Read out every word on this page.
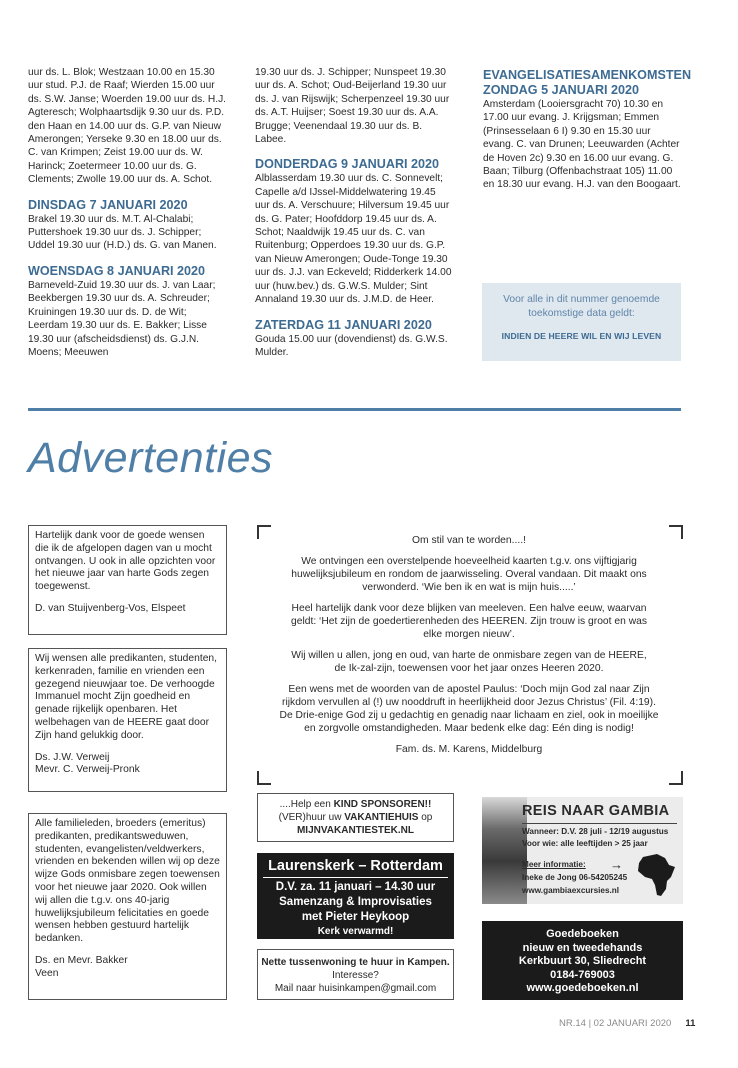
uur ds. L. Blok; Westzaan 10.00 en 15.30 uur stud. P.J. de Raaf; Wierden 15.00 uur ds. S.W. Janse; Woerden 19.00 uur ds. H.J. Agteresch; Wolphaartsdijk 9.30 uur ds. P.D. den Haan en 14.00 uur ds. G.P. van Nieuw Amerongen; Yerseke 9.30 en 18.00 uur ds. C. van Krimpen; Zeist 19.00 uur ds. W. Harinck; Zoetermeer 10.00 uur ds. G. Clements; Zwolle 19.00 uur ds. A. Schot.

DINSDAG 7 JANUARI 2020

Brakel 19.30 uur ds. M.T. Al-Chalabi; Puttershoek 19.30 uur ds. J. Schipper; Uddel 19.30 uur (H.D.) ds. G. van Manen.

WOENSDAG 8 JANUARI 2020

Barneveld-Zuid 19.30 uur ds. J. van Laar; Beekbergen 19.30 uur ds. A. Schreuder; Kruiningen 19.30 uur ds. D. de Wit; Leerdam 19.30 uur ds. E. Bakker; Lisse 19.30 uur (afscheidsdienst) ds. G.J.N. Moens; Meeuwen

19.30 uur ds. J. Schipper; Nunspeet 19.30 uur ds. A. Schot; Oud-Beijerland 19.30 uur ds. J. van Rijswijk; Scherpenzeel 19.30 uur ds. A.T. Huijser; Soest 19.30 uur ds. A.A. Brugge; Veenendaal 19.30 uur ds. B. Labee.

DONDERDAG 9 JANUARI 2020

Alblasserdam 19.30 uur ds. C. Sonnevelt; Capelle a/d IJssel-Middelwatering 19.45 uur ds. A. Verschuure; Hilversum 19.45 uur ds. G. Pater; Hoofddorp 19.45 uur ds. A. Schot; Naaldwijk 19.45 uur ds. C. van Ruitenburg; Opperdoes 19.30 uur ds. G.P. van Nieuw Amerongen; Oude-Tonge 19.30 uur ds. J.J. van Eckeveld; Ridderkerk 14.00 uur (huw.bev.) ds. G.W.S. Mulder; Sint Annaland 19.30 uur ds. J.M.D. de Heer.

ZATERDAG 11 JANUARI 2020

Gouda 15.00 uur (dovendienst) ds. G.W.S. Mulder.

EVANGELISATIESAMENKOMSTEN ZONDAG 5 JANUARI 2020

Amsterdam (Looiersgracht 70) 10.30 en 17.00 uur evang. J. Krijgsman; Emmen (Prinsesselaan 6 I) 9.30 en 15.30 uur evang. C. van Drunen; Leeuwarden (Achter de Hoven 2c) 9.30 en 16.00 uur evang. G. Baan; Tilburg (Offenbachstraat 105) 11.00 en 18.30 uur evang. H.J. van den Boogaart.

Voor alle in dit nummer genoemde toekomstige data geldt:
INDIEN DE HEERE WIL EN WIJ LEVEN
Advertenties

Hartelijk dank voor de goede wensen die ik de afgelopen dagen van u mocht ontvangen. U ook in alle opzichten voor het nieuwe jaar van harte Gods zegen toegewenst.

D. van Stuijvenberg-Vos, Elspeet

Wij wensen alle predikanten, studenten, kerkenraden, familie en vrienden een gezegend nieuwjaar toe. De verhoogde Immanuel mocht Zijn goedheid en genade rijkelijk openbaren. Het welbehagen van de HEERE gaat door Zijn hand gelukkig door.

Ds. J.W. Verweij

Mevr. C. Verweij-Pronk

Alle familieleden, broeders (emeritus) predikanten, predikantsweduwen, studenten, evangelisten/veldwerkers, vrienden en bekenden willen wij op deze wijze Gods onmisbare zegen toewensen voor het nieuwe jaar 2020. Ook willen wij allen die t.g.v. ons 40-jarig huwelijksjubileum felicitaties en goede wensen hebben gestuurd hartelijk bedanken.

Ds. en Mevr. Bakker

Veen

Om stil van te worden....!

We ontvingen een overstelpende hoeveelheid kaarten t.g.v. ons vijftigjarig huwelijksjubileum en rondom de jaarwisseling. Overal vandaan. Dit maakt ons verwonderd. ‘Wie ben ik en wat is mijn huis.....’

Heel hartelijk dank voor deze blijken van meeleven. Een halve eeuw, waarvan geldt: ‘Het zijn de goedertierenheden des HEEREN. Zijn trouw is groot en was elke morgen nieuw’.

Wij willen u allen, jong en oud, van harte de onmisbare zegen van de HEERE, de Ik-zal-zijn, toewensen voor het jaar onzes Heeren 2020.

Een wens met de woorden van de apostel Paulus: ‘Doch mijn God zal naar Zijn rijkdom vervullen al (!) uw nooddruft in heerlijkheid door Jezus Christus’ (Fil. 4:19). De Drie-enige God zij u gedachtig en genadig naar lichaam en ziel, ook in moeilijke en zorgvolle omstandigheden. Maar bedenk elke dag: Eén ding is nodig!

Fam. ds. M. Karens, Middelburg

....Help een KIND SPONSOREN!!
(VER)huur uw VAKANTIEHUIS op
MIJNVAKANTIESTEK.NL
Laurenskerk – Rotterdam
D.V. za. 11 januari – 14.30 uur
Samenzang & Improvisaties
met Pieter Heykoop
Kerk verwarmd!
Nette tussenwoning te huur in Kampen.
Interesse?
Mail naar huisinkampen@gmail.com
REIS NAAR GAMBIA
Wanneer: D.V. 28 juli - 12/19 augustus
Voor wie: alle leeftijden > 25 jaar
Meer informatie:
Ineke de Jong 06-54205245
www.gambiaexcursies.nl
→
Goedeboeken
nieuw en tweedehands
Kerkbuurt 30, Sliedrecht
0184-769003
www.goedeboeken.nl
NR.14 | 02 JANUARI 2020 11
